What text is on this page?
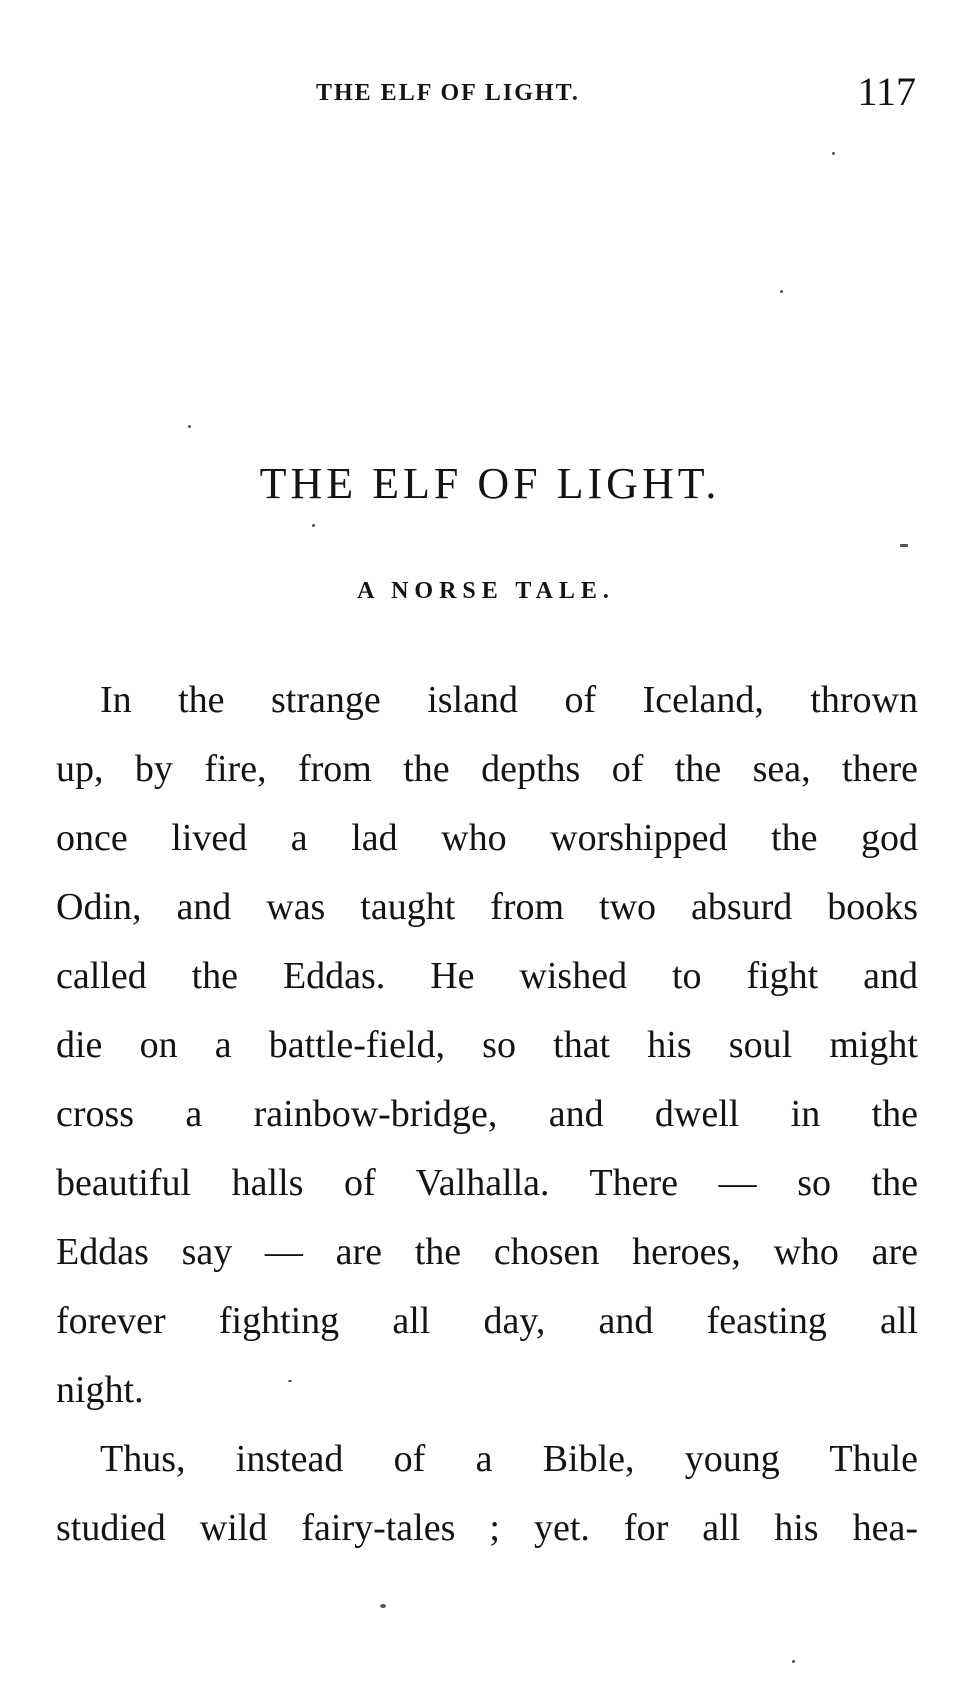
THE ELF OF LIGHT.	117
THE ELF OF LIGHT.
A NORSE TALE.
In the strange island of Iceland, thrown
up, by fire, from the depths of the sea, there
once lived a lad who worshipped the god
Odin, and was taught from two absurd books
called the Eddas. He wished to fight and
die on a battle-field, so that his soul might
cross a rainbow-bridge, and dwell in the
beautiful halls of Valhalla. There — so the
Eddas say — are the chosen heroes, who are
forever fighting all day, and feasting all
night.
Thus, instead of a Bible, young Thule
studied wild fairy-tales ; yet. for all his hea-
